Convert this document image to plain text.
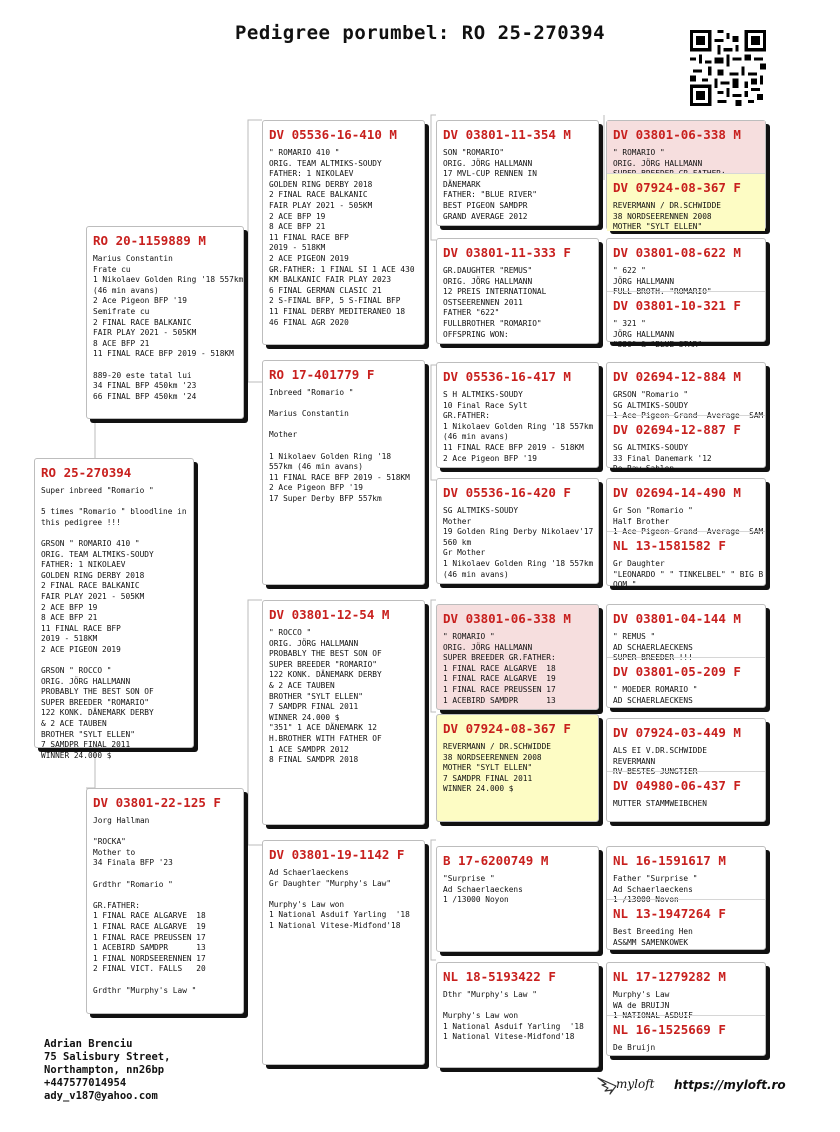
Pedigree porumbel: RO 25-270394
RO 25-270394
Super inbreed "Romario "

5 times "Romario " bloodline in
this pedigree !!!

GRSON " ROMARIO 410 "
ORIG. TEAM ALTMIKS-SOUDY
FATHER: 1 NIKOLAEV
GOLDEN RING DERBY 2018
2 FINAL RACE BALKANIC
FAIR PLAY 2021 - 505KM
2 ACE BFP 19
8 ACE BFP 21
11 FINAL RACE BFP
2019 - 518KM
2 ACE PIGEON 2019

GRSON " ROCCO "
ORIG. JÖRG HALLMANN
PROBABLY THE BEST SON OF
SUPER BREEDER "ROMARIO"
122 KONK. DÄNEMARK DERBY
& 2 ACE TAUBEN
BROTHER "SYLT ELLEN"
7 SAMDPR FINAL 2011
WINNER 24.000 $
RO 20-1159889 M
Marius Constantin
Frate cu
1 Nikolaev Golden Ring '18 557km
(46 min avans)
2 Ace Pigeon BFP '19
Semifrate cu
2 FINAL RACE BALKANIC
FAIR PLAY 2021 - 505KM
8 ACE BFP 21
11 FINAL RACE BFP 2019 - 518KM

889-20 este tatal lui
34 FINAL BFP 450km '23
66 FINAL BFP 450km '24
DV 03801-22-125 F
Jorg Hallman

"ROCKA"
Mother to
34 Finala BFP '23

Grdthr "Romario "

GR.FATHER:
1 FINAL RACE ALGARVE  18
1 FINAL RACE ALGARVE  19
1 FINAL RACE PREUSSEN 17
1 ACEBIRD SAMDPR      13
1 FINAL NORDSEERENNEN 17
2 FINAL VICT. FALLS   20

Grdthr "Murphy's Law "
DV 05536-16-410 M
" ROMARIO 410 "
ORIG. TEAM ALTMIKS-SOUDY
FATHER: 1 NIKOLAEV
GOLDEN RING DERBY 2018
2 FINAL RACE BALKANIC
FAIR PLAY 2021 - 505KM
2 ACE BFP 19
8 ACE BFP 21
11 FINAL RACE BFP
2019 - 518KM
2 ACE PIGEON 2019
GR.FATHER: 1 FINAL SI 1 ACE 430
KM BALKANIC FAIR PLAY 2023
6 FINAL GERMAN CLASIC 21
2 S-FINAL BFP, 5 S-FINAL BFP
11 FINAL DERBY MEDITERANEO 18
46 FINAL AGR 2020
RO 17-401779 F
Inbreed "Romario "

Marius Constantin

Mother

1 Nikolaev Golden Ring '18
557km (46 min avans)
11 FINAL RACE BFP 2019 - 518KM
2 Ace Pigeon BFP '19
17 Super Derby BFP 557km
DV 03801-12-54 M
" ROCCO "
ORIG. JÖRG HALLMANN
PROBABLY THE BEST SON OF
SUPER BREEDER "ROMARIO"
122 KONK. DÄNEMARK DERBY
& 2 ACE TAUBEN
BROTHER "SYLT ELLEN"
7 SAMDPR FINAL 2011
WINNER 24.000 $
"351" 1 ACE DÄNEMARK 12
H.BROTHER WITH FATHER OF
1 ACE SAMDPR 2012
8 FINAL SAMDPR 2018
DV 03801-19-1142 F
Ad Schaerlaeckens
Gr Daughter "Murphy's Law"

Murphy's Law won
1 National Asduif Yarling  '18
1 National Vitese-Midfond'18
DV 03801-11-354 M
SON "ROMARIO"
ORIG. JÖRG HALLMANN
17 MVL-CUP RENNEN IN
DÄNEMARK
FATHER: "BLUE RIVER"
BEST PIGEON SAMDPR
GRAND AVERAGE 2012
DV 03801-11-333 F
GR.DAUGHTER "REMUS"
ORIG. JÖRG HALLMANN
12 PREIS INTERNATIONAL
OSTSEERENNEN 2011
FATHER "622"
FULLBROTHER "ROMARIO"
OFFSPRING WON:
DV 05536-16-417 M
S H ALTMIKS-SOUDY
10 Final Race Sylt
GR.FATHER:
1 Nikolaev Golden Ring '18 557km
(46 min avans)
11 FINAL RACE BFP 2019 - 518KM
2 Ace Pigeon BFP '19
DV 05536-16-420 F
SG ALTMIKS-SOUDY
Mother
19 Golden Ring Derby Nikolaev'17
560 km
Gr Mother
1 Nikolaev Golden Ring '18 557km
(46 min avans)
DV 03801-06-338 M
" ROMARIO "
ORIG. JÖRG HALLMANN
SUPER BREEDER GR.FATHER:
1 FINAL RACE ALGARVE  18
1 FINAL RACE ALGARVE  19
1 FINAL RACE PREUSSEN 17
1 ACEBIRD SAMDPR      13
DV 07924-08-367 F
REVERMANN / DR.SCHWIDDE
38 NORDSEERENNEN 2008
MOTHER "SYLT ELLEN"
7 SAMDPR FINAL 2011
WINNER 24.000 $
B 17-6200749 M
"Surprise "
Ad Schaerlaeckens
1 /13000 Noyon
NL 18-5193422 F
Dthr "Murphy's Law "

Murphy's Law won
1 National Asduif Yarling  '18
1 National Vitese-Midfond'18
DV 03801-06-338 M
" ROMARIO "
ORIG. JÖRG HALLMANN

DV 07924-08-367 F
REVERMANN / DR.SCHWIDDE
38 NORDSEERENNEN 2008
MOTHER "SYLT ELLEN"
DV 03801-08-622 M
" 622 "
JÖRG HALLMANN
FULL BROTH. "ROMARIO"
DV 03801-10-321 F
" 321 "
JÖRG HALLMANN
"330" & "BLUE STAR"
DV 02694-12-884 M
GRSON "Romario "
SG ALTMIKS-SOUDY
1 Ace Pigeon Grand  Average  SAM
DV 02694-12-887 F
SG ALTMIKS-SOUDY
33 Final Danemark '12
De Raw Sablon
DV 02694-14-490 M
Gr Son "Romario "
Half Brother
1 Ace Pigeon Grand  Average  SAM
NL 13-1581582 F
Gr Daughter
"LEONARDO " " TINKELBEL" " BIG B
OOM "
DV 03801-04-144 M
" REMUS "
AD SCHAERLAECKENS
SUPER BREEDER !!!
DV 03801-05-209 F
" MOEDER ROMARIO "
AD SCHAERLAECKENS
DV 07924-03-449 M
ALS EI V.DR.SCHWIDDE
REVERMANN
RV BESTES JUNGTIER
DV 04980-06-437 F
MUTTER STAMMWEIBCHEN
NL 16-1591617 M
Father "Surprise "
Ad Schaerlaeckens
1 /13000 Novon
NL 13-1947264 F
Best Breeding Hen
AS&MM SAMENKOWEK
NL 17-1279282 M
Murphy's Law
WA de BRUIJN
1 NATIONAL ASDUIF
NL 16-1525669 F
De Bruijn
Adrian Brenciu
75 Salisbury Street,
Northampton, nn26bp
+447577014954
ady_v187@yahoo.com
myloft https://myloft.ro
